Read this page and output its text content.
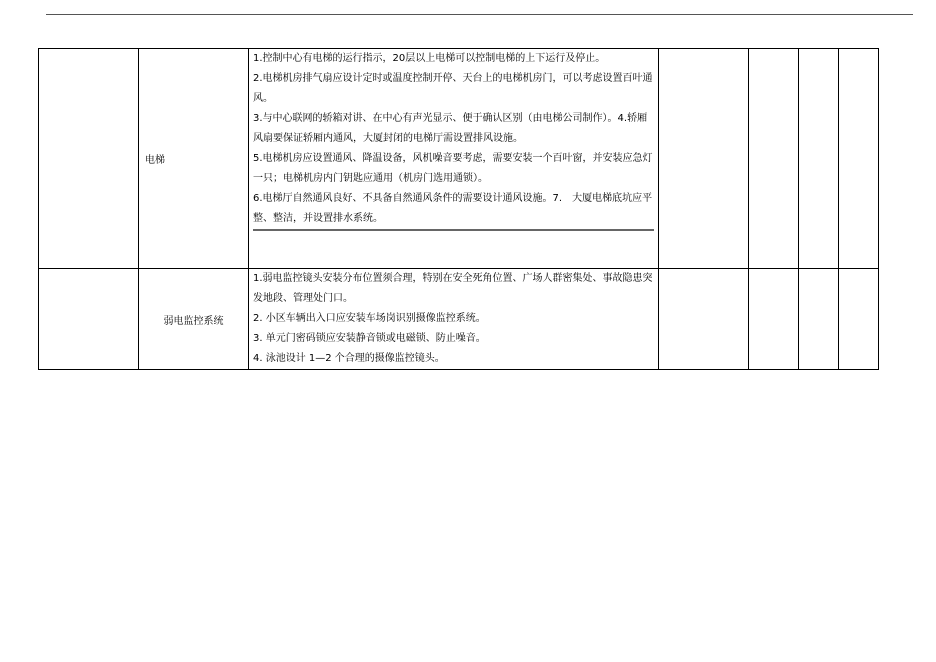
	电梯	1.控制中心有电梯的运行指示，20层以上电梯可以控制电梯的上下运行及停止。
2.电梯机房排气扇应设计定时或温度控制开停、天台上的电梯机房门，可以考虑设置百叶通风。
3.与中心联网的轿箱对讲、在中心有声光显示、便于确认区别（由电梯公司制作）。4.轿厢风扇要保证轿厢内通风，大厦封闭的电梯厅需设置排风设施。
5.电梯机房应设置通风、降温设备，风机噪音要考虑，需要安装一个百叶窗，并安装应急灯一只；电梯机房内门钥匙应通用（机房门选用通锁）。
6.电梯厅自然通风良好、不具备自然通风条件的需要设计通风设施。7.　大厦电梯底坑应平整、整洁，并设置排水系统。				

	弱电监控系统	1.弱电监控镜头安装分布位置须合理，特别在安全死角位置、广场人群密集处、事故隐患突发地段、管理处门口。
2. 小区车辆出入口应安装车场岗识别摄像监控系统。
3. 单元门密码锁应安装静音锁或电磁锁、防止噪音。
4. 泳池设计 1—2 个合理的摄像监控镜头。				
